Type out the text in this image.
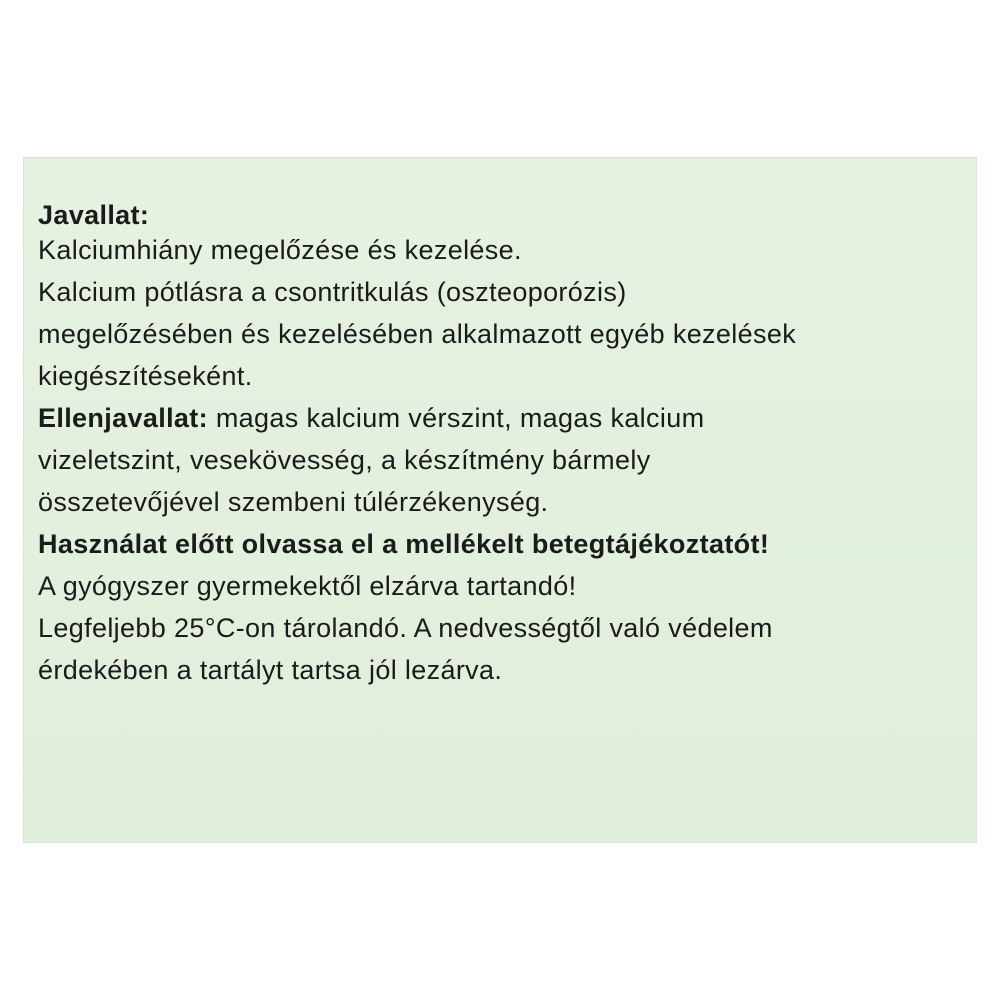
Javallat:
Kalciumhiány megelőzése és kezelése.
Kalcium pótlásra a csontritkulás (oszteoporózis)
megelőzésében és kezelésében alkalmazott egyéb kezelések
kiegészítéseként.
Ellenjavallat: magas kalcium vérszint, magas kalcium
vizeletszint, vesekövesség, a készítmény bármely
összetevőjével szembeni túlérzékenység.
Használat előtt olvassa el a mellékelt betegtájékoztatót!
A gyógyszer gyermekektől elzárva tartandó!
Legfeljebb 25°C-on tárolandó. A nedvességtől való védelem
érdekében a tartályt tartsa jól lezárva.
